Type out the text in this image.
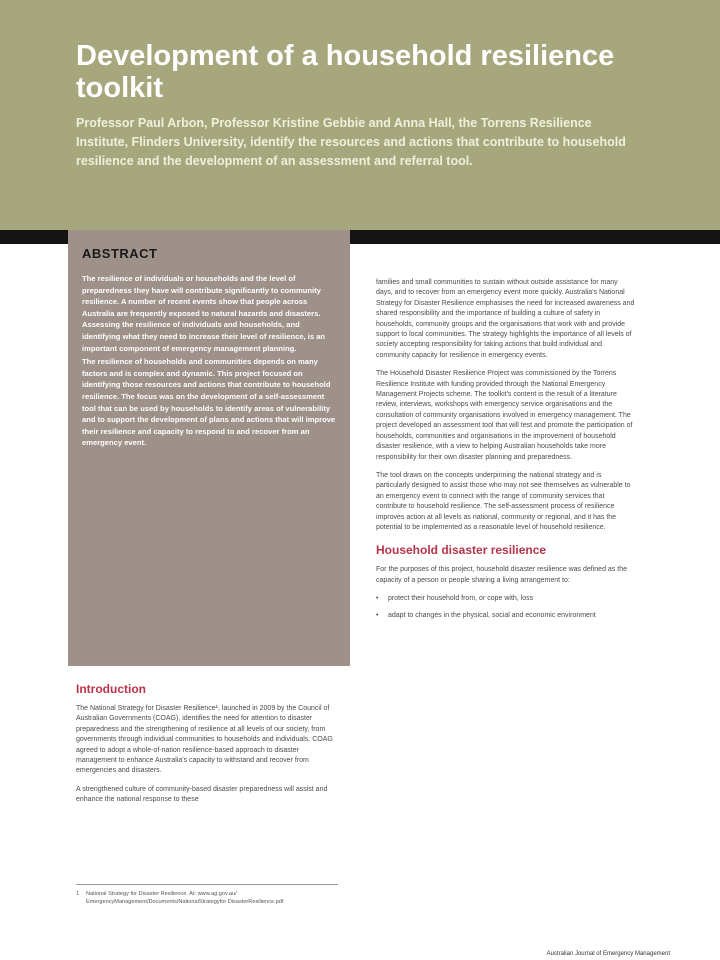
Development of a household resilience toolkit

Professor Paul Arbon, Professor Kristine Gebbie and Anna Hall, the Torrens Resilience Institute, Flinders University, identify the resources and actions that contribute to household resilience and the development of an assessment and referral tool.

ABSTRACT

The resilience of individuals or households and the level of preparedness they have will contribute significantly to community resilience. A number of recent events show that people across Australia are frequently exposed to natural hazards and disasters. Assessing the resilience of individuals and households, and identifying what they need to increase their level of resilience, is an important component of emergency management planning.

The resilience of households and communities depends on many factors and is complex and dynamic. This project focused on identifying those resources and actions that contribute to household resilience. The focus was on the development of a self-assessment tool that can be used by households to identify areas of vulnerability and to support the development of plans and actions that will improve their resilience and capacity to respond to and recover from an emergency event.

Introduction

The National Strategy for Disaster Resilience¹, launched in 2009 by the Council of Australian Governments (COAG), identifies the need for attention to disaster preparedness and the strengthening of resilience at all levels of our society, from governments through individual communities to households and individuals. COAG agreed to adopt a whole-of-nation resilience-based approach to disaster management to enhance Australia's capacity to withstand and recover from emergencies and disasters.

A strengthened culture of community-based disaster preparedness will assist and enhance the national response to these

families and small communities to sustain without outside assistance for many days, and to recover from an emergency event more quickly. Australia's National Strategy for Disaster Resilience emphasises the need for increased awareness and shared responsibility and the importance of building a culture of safety in households, community groups and the organisations that work with and provide support to local communities. The strategy highlights the importance of all levels of society accepting responsibility for taking actions that build individual and community capacity for resilience in emergency events.

The Household Disaster Resilience Project was commissioned by the Torrens Resilience Institute with funding provided through the National Emergency Management Projects scheme. The toolkit's content is the result of a literature review, interviews, workshops with emergency service organisations and the consultation of community organisations involved in emergency management. The project developed an assessment tool that will test and promote the participation of households, communities and organisations in the improvement of household disaster resilience, with a view to helping Australian households take more responsibility for their own disaster planning and preparedness.

The tool draws on the concepts underpinning the national strategy and is particularly designed to assist those who may not see themselves as vulnerable to an emergency event to connect with the range of community services that contribute to household resilience. The self-assessment process of resilience improves action at all levels as national, community or regional, and it has the potential to be implemented as a reasonable level of household resilience.

Household disaster resilience

For the purposes of this project, household disaster resilience was defined as the capacity of a person or people sharing a living arrangement to:

• protect their household from, or cope with, loss
• adapt to changes in the physical, social and economic environment
1 National Strategy for Disaster Resilience. At: www.ag.gov.au/ EmergencyManagement/Documents/NationalStrategyfor DisasterResilience.pdf
Australian Journal of Emergency Management
